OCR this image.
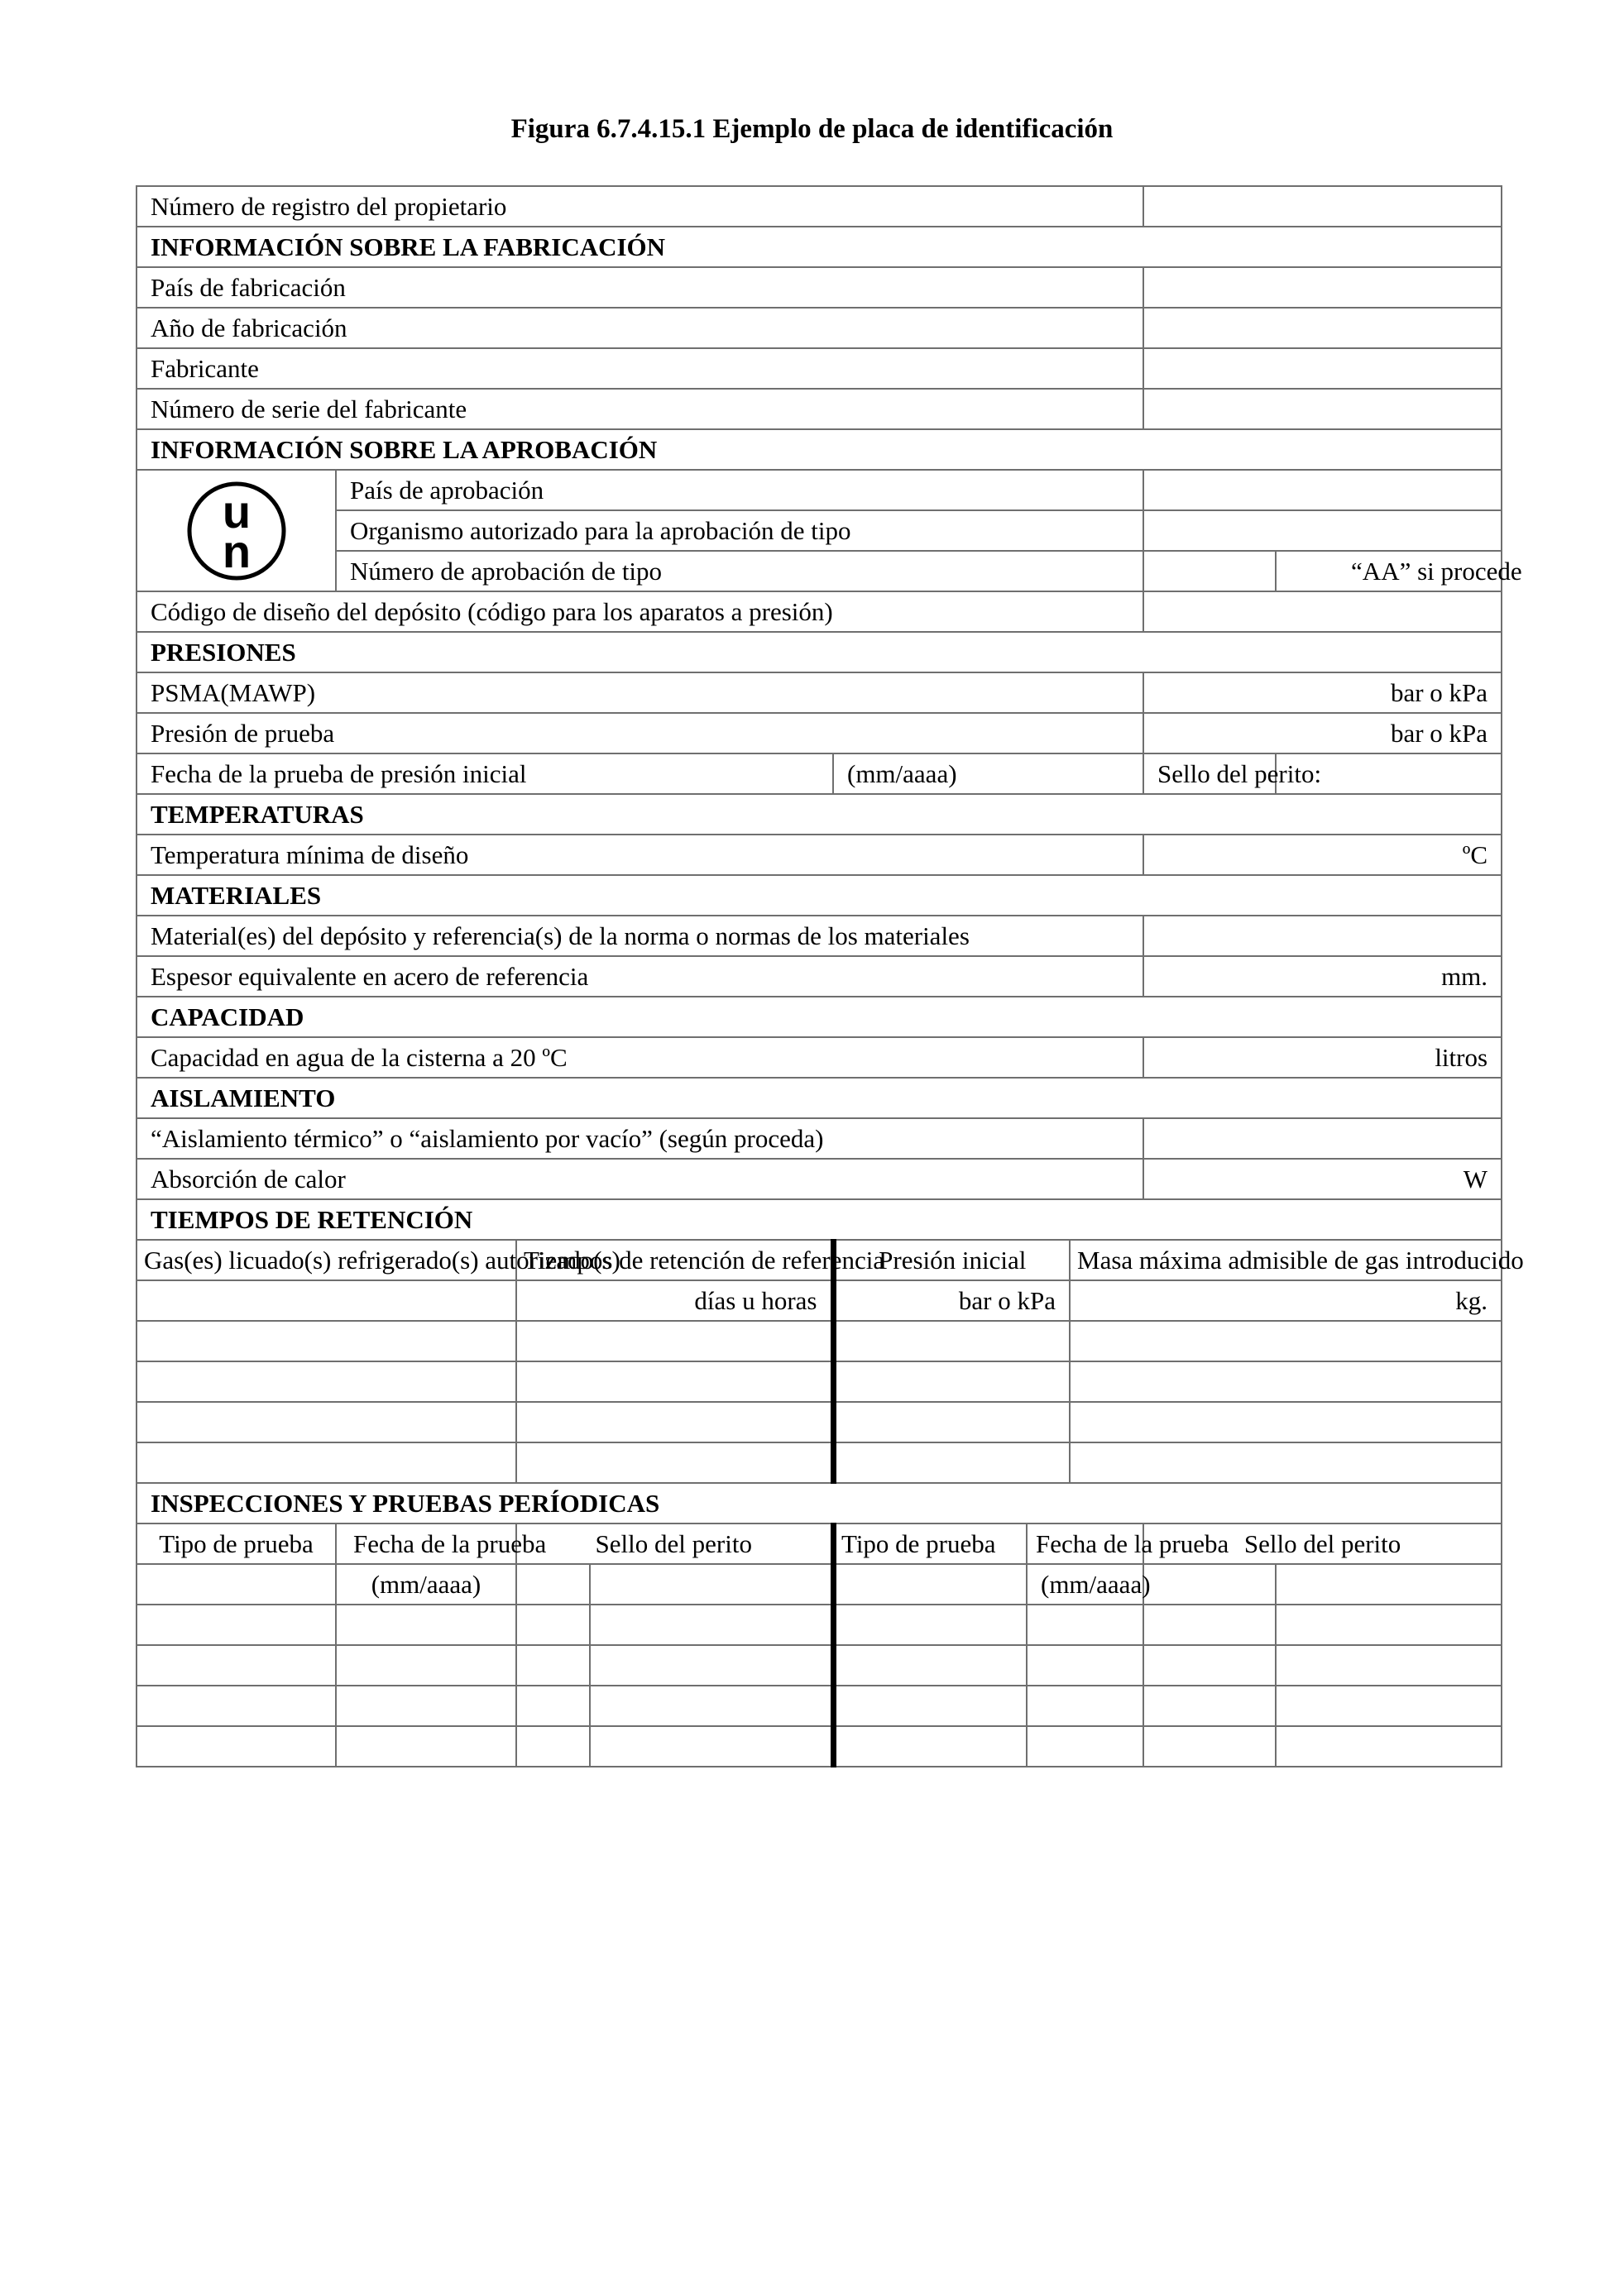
Figura 6.7.4.15.1 Ejemplo de placa de identificación
Número de registro del propietario								
INFORMACIÓN SOBRE LA FABRICACIÓN								
País de fabricación								
Año de fabricación								
Fabricante								
Número de serie del fabricante								
INFORMACIÓN SOBRE LA APROBACIÓN								

u
n	País de aprobación							
	Organismo autorizado para la aprobación de tipo							
	Número de aprobación de tipo							“AA” si procede
Código de diseño del depósito (código para los aparatos a presión)								
PRESIONES								
PSMA(MAWP)							bar o kPa	
Presión de prueba							bar o kPa	
Fecha de la prueba de presión inicial				(mm/aaaa)			Sello del perito:	
TEMPERATURAS								
Temperatura mínima de diseño							ºC	
MATERIALES								
Material(es) del depósito y referencia(s) de la norma o normas de los materiales								
Espesor equivalente en acero de referencia							mm.	
CAPACIDAD								
Capacidad en agua de la cisterna a 20 ºC							litros	
AISLAMIENTO								
“Aislamiento térmico” o “aislamiento por vacío” (según proceda)								
Absorción de calor							W	
TIEMPOS DE RETENCIÓN								
Gas(es) licuado(s) refrigerado(s) autorizado(s)		Tiempos de retención de referencia		Presión inicial		Masa máxima admisible de gas introducido		
		días u horas		bar o kPa		kg.		

INSPECCIONES Y PRUEBAS PERÍODICAS								
Tipo de prueba	Fecha de la prueba	Sello del perito		Tipo de prueba	Fecha de la prueba		Sello del perito	
	(mm/aaaa)				(mm/aaaa)			
